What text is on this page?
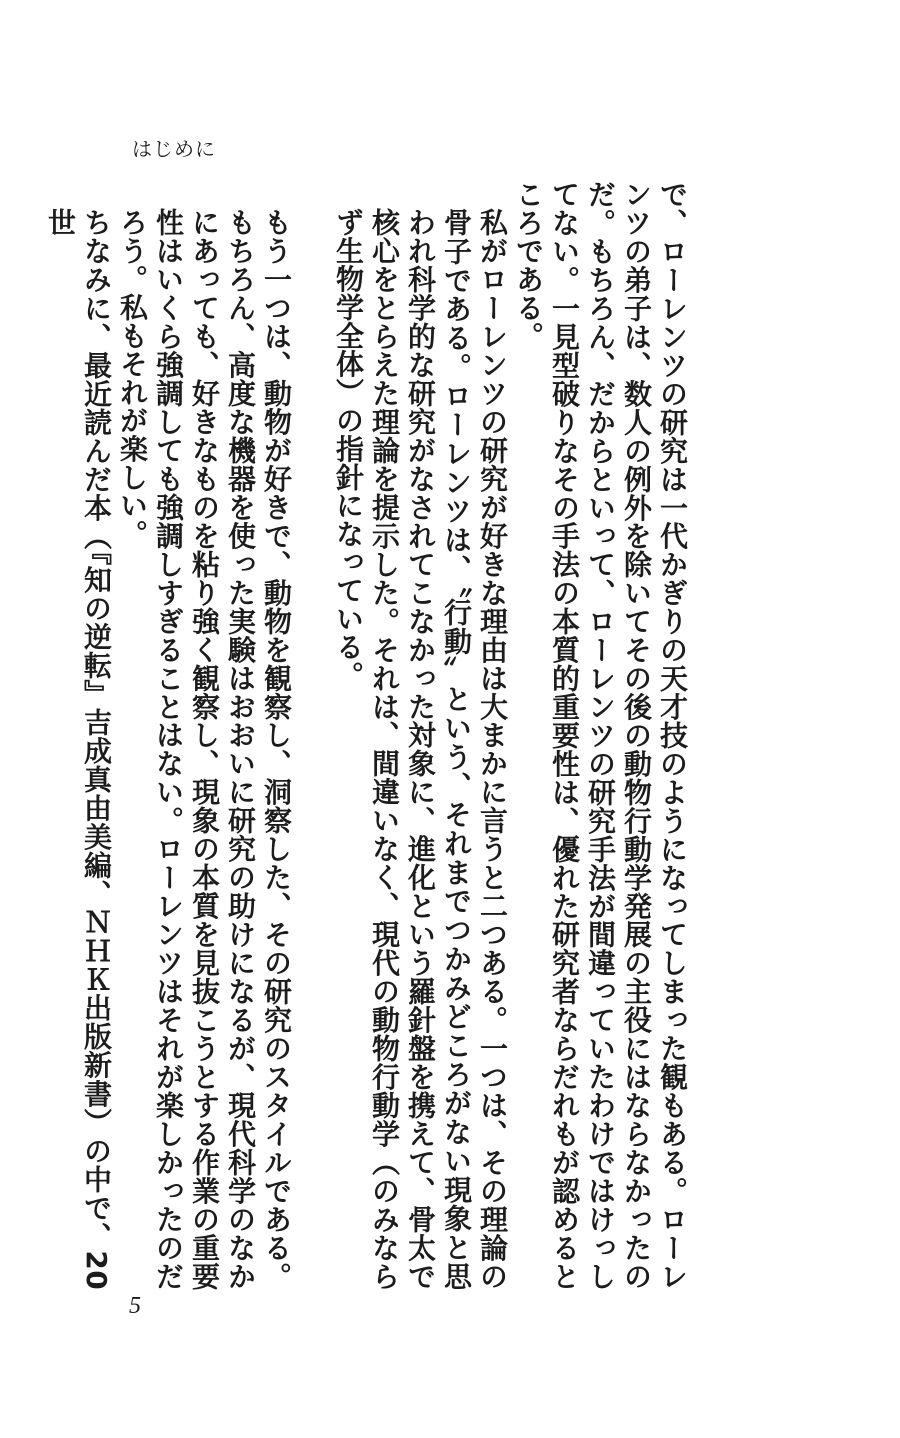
はじめに

で、ローレンツの研究は一代かぎりの天才技のようになってしまった観もある。ローレンツの弟子は、数人の例外を除いてその後の動物行動学発展の主役にはならなかったのだ。もちろん、だからといって、ローレンツの研究手法が間違っていたわけではけっしてない。一見型破りなその手法の本質的重要性は、優れた研究者ならだれもが認めるところである。

私がローレンツの研究が好きな理由は大まかに言うと二つある。一つは、その理論の骨子である。ローレンツは、〝行動〟という、それまでつかみどころがない現象と思われ科学的な研究がなされてこなかった対象に、進化という羅針盤を携えて、骨太で核心をとらえた理論を提示した。それは、間違いなく、現代の動物行動学（のみならず生物学全体）の指針になっている。

もう一つは、動物が好きで、動物を観察し、洞察した、その研究のスタイルである。もちろん、高度な機器を使った実験はおおいに研究の助けになるが、現代科学のなかにあっても、好きなものを粘り強く観察し、現象の本質を見抜こうとする作業の重要性はいくら強調しても強調しすぎることはない。ローレンツはそれが楽しかったのだろう。私もそれが楽しい。

ちなみに、最近読んだ本（『知の逆転』吉成真由美編、ＮＨＫ出版新書）の中で、20世

5
